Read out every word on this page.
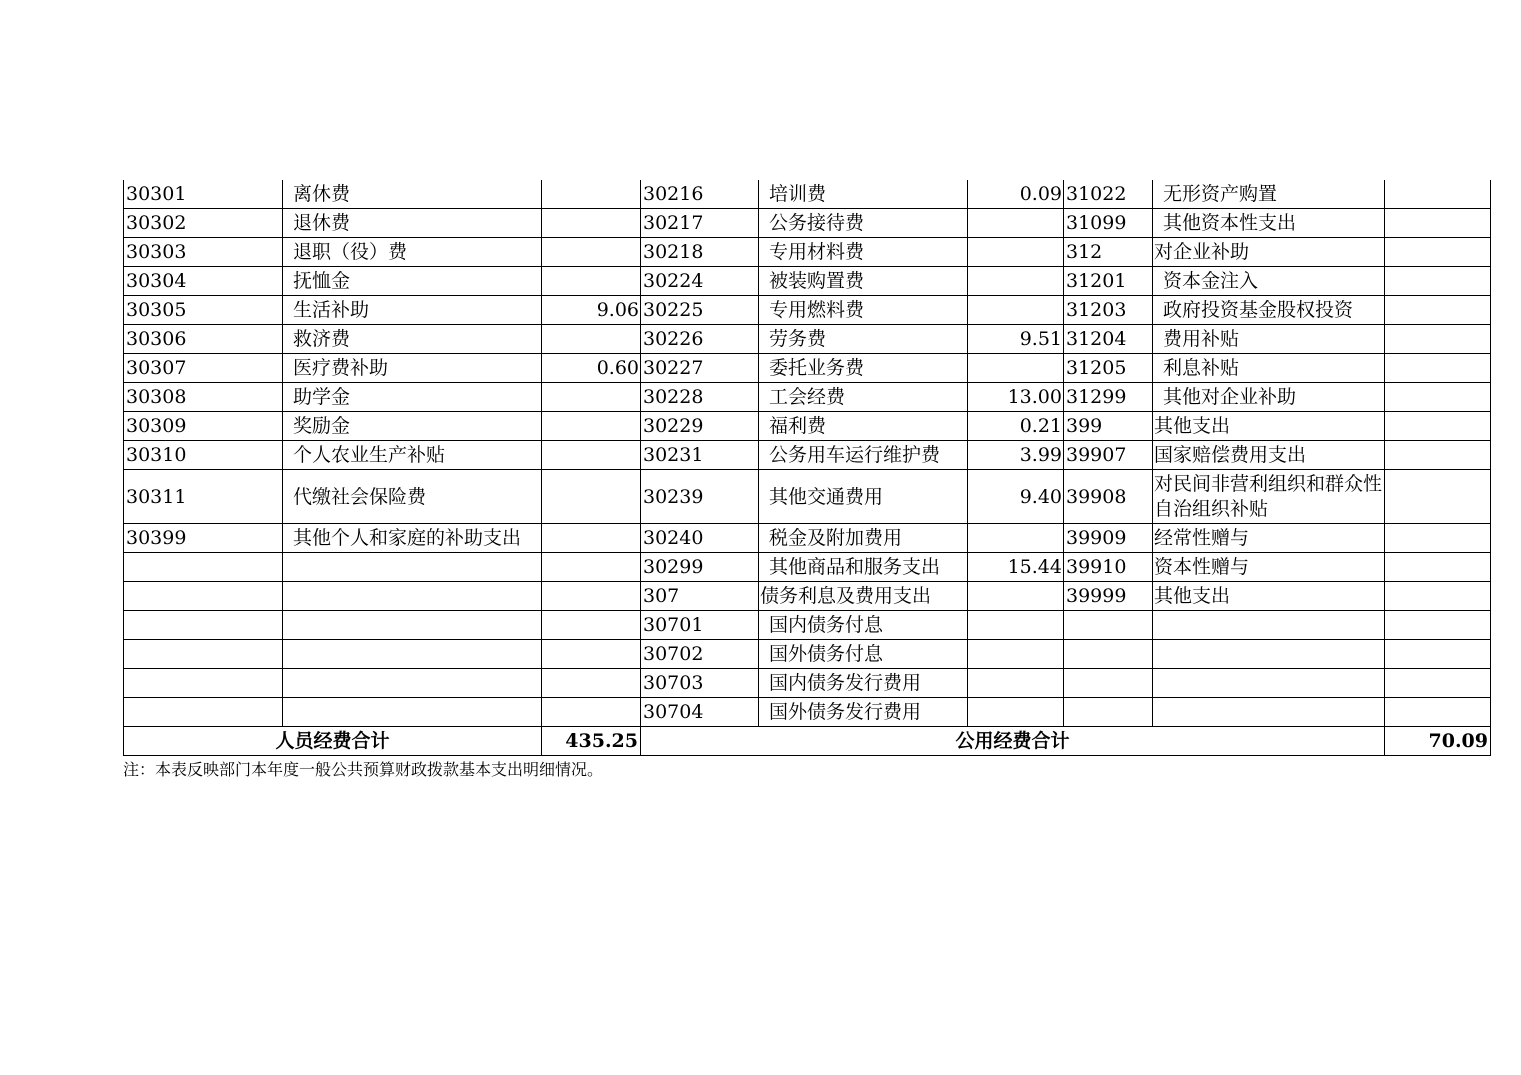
30301	离休费		30216	培训费	0.09	31022	无形资产购置	
30302	退休费		30217	公务接待费		31099	其他资本性支出	
30303	退职（役）费		30218	专用材料费		312	对企业补助	
30304	抚恤金		30224	被装购置费		31201	资本金注入	
30305	生活补助	9.06	30225	专用燃料费		31203	政府投资基金股权投资	
30306	救济费		30226	劳务费	9.51	31204	费用补贴	
30307	医疗费补助	0.60	30227	委托业务费		31205	利息补贴	
30308	助学金		30228	工会经费	13.00	31299	其他对企业补助	
30309	奖励金		30229	福利费	0.21	399	其他支出	
30310	个人农业生产补贴		30231	公务用车运行维护费	3.99	39907	国家赔偿费用支出	
30311	代缴社会保险费		30239	其他交通费用	9.40	39908	对民间非营利组织和群众性自治组织补贴	
30399	其他个人和家庭的补助支出		30240	税金及附加费用		39909	经常性赠与	
			30299	其他商品和服务支出	15.44	39910	资本性赠与	
			307	债务利息及费用支出		39999	其他支出	
			30701	国内债务付息				
			30702	国外债务付息				
			30703	国内债务发行费用				
			30704	国外债务发行费用				
人员经费合计		435.25	公用经费合计					70.09
注：本表反映部门本年度一般公共预算财政拨款基本支出明细情况。
